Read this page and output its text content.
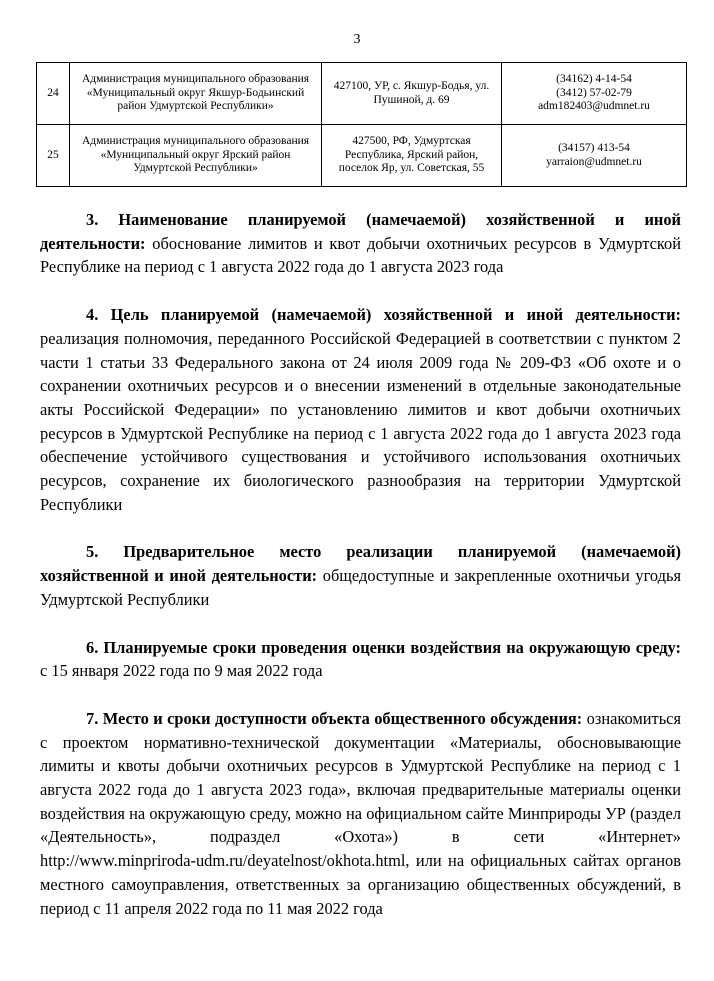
3
24	Администрация муниципального образования «Муниципальный округ Якшур-Бодьинский район Удмуртской Республики»	427100, УР, с. Якшур-Бодья, ул. Пушиной, д. 69	(34162) 4-14-54
(3412) 57-02-79
adm182403@udmnet.ru

25	Администрация муниципального образования «Муниципальный округ Ярский район Удмуртской Республики»	427500, РФ, Удмуртская Республика, Ярский район, поселок Яр, ул. Советская, 55	(34157) 413-54
yarraion@udmnet.ru

3. Наименование планируемой (намечаемой) хозяйственной и иной деятельности: обоснование лимитов и квот добычи охотничьих ресурсов в Удмуртской Республике на период с 1 августа 2022 года до 1 августа 2023 года

4. Цель планируемой (намечаемой) хозяйственной и иной деятельности: реализация полномочия, переданного Российской Федерацией в соответствии с пунктом 2 части 1 статьи 33 Федерального закона от 24 июля 2009 года № 209-ФЗ «Об охоте и о сохранении охотничьих ресурсов и о внесении изменений в отдельные законодательные акты Российской Федерации» по установлению лимитов и квот добычи охотничьих ресурсов в Удмуртской Республике на период с 1 августа 2022 года до 1 августа 2023 года обеспечение устойчивого существования и устойчивого использования охотничьих ресурсов, сохранение их биологического разнообразия на территории Удмуртской Республики

5. Предварительное место реализации планируемой (намечаемой) хозяйственной и иной деятельности: общедоступные и закрепленные охотничьи угодья Удмуртской Республики

6. Планируемые сроки проведения оценки воздействия на окружающую среду: с 15 января 2022 года по 9 мая 2022 года

7. Место и сроки доступности объекта общественного обсуждения: ознакомиться с проектом нормативно-технической документации «Материалы, обосновывающие лимиты и квоты добычи охотничьих ресурсов в Удмуртской Республике на период с 1 августа 2022 года до 1 августа 2023 года», включая предварительные материалы оценки воздействия на окружающую среду, можно на официальном сайте Минприроды УР (раздел «Деятельность», подраздел «Охота») в сети «Интернет» http://www.minpriroda-udm.ru/deyatelnost/okhota.html, или на официальных сайтах органов местного самоуправления, ответственных за организацию общественных обсуждений, в период с 11 апреля 2022 года по 11 мая 2022 года
